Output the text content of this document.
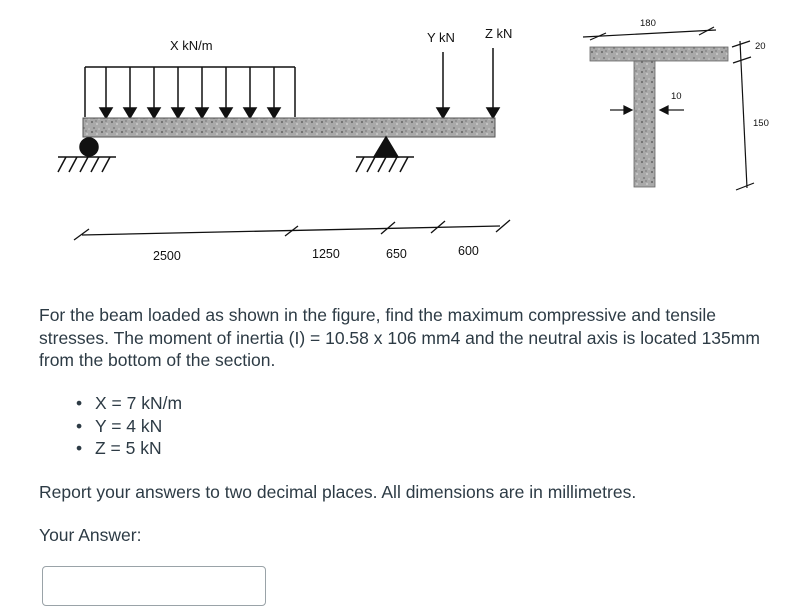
X kN/m
Y kN Z kN
2500	1250	650	600
180
20
10
150
For the beam loaded as shown in the figure, find the maximum compressive and tensile stresses. The moment of inertia (I) = 10.58 x 106 mm4 and the neutral axis is located 135mm from the bottom of the section.
• X = 7 kN/m
• Y = 4 kN
• Z = 5 kN
Report your answers to two decimal places. All dimensions are in millimetres.
Your Answer:
